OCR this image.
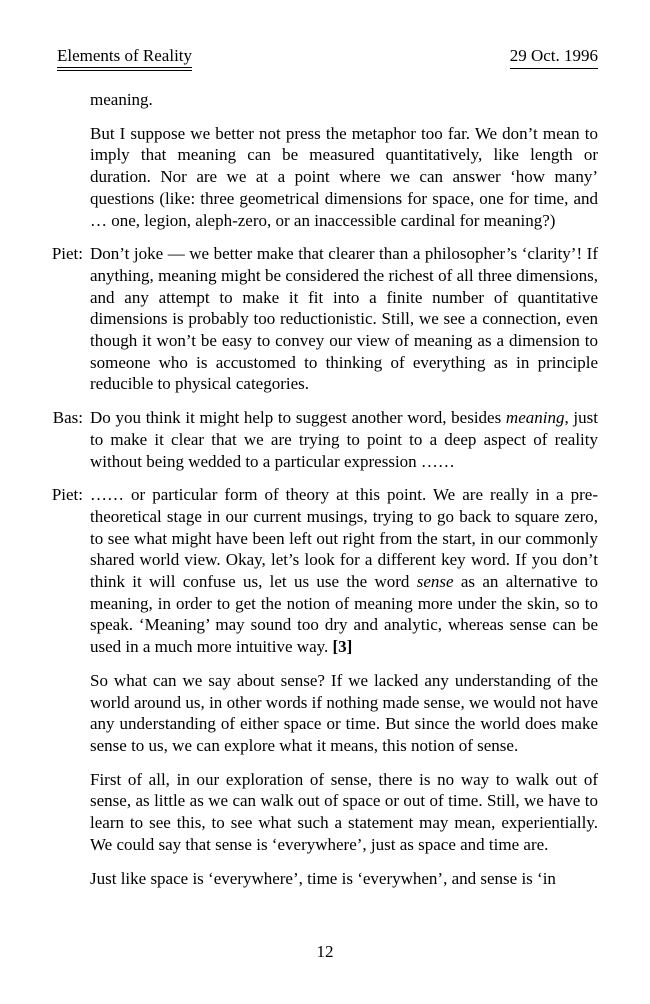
Elements of Reality	29 Oct. 1996
meaning.
But I suppose we better not press the metaphor too far. We don’t mean to imply that meaning can be measured quantitatively, like length or duration. Nor are we at a point where we can answer ‘how many’ questions (like: three geometrical dimensions for space, one for time, and … one, legion, aleph-zero, or an inaccessible cardinal for meaning?)
Piet: Don’t joke — we better make that clearer than a philosopher’s ‘clarity’! If anything, meaning might be considered the richest of all three dimensions, and any attempt to make it fit into a finite number of quantitative dimensions is probably too reductionistic. Still, we see a connection, even though it won’t be easy to convey our view of meaning as a dimension to someone who is accustomed to thinking of everything as in principle reducible to physical categories.
Bas: Do you think it might help to suggest another word, besides meaning, just to make it clear that we are trying to point to a deep aspect of reality without being wedded to a particular expression ……
Piet: …… or particular form of theory at this point. We are really in a pre-theoretical stage in our current musings, trying to go back to square zero, to see what might have been left out right from the start, in our commonly shared world view. Okay, let’s look for a different key word. If you don’t think it will confuse us, let us use the word sense as an alternative to meaning, in order to get the notion of meaning more under the skin, so to speak. ‘Meaning’ may sound too dry and analytic, whereas sense can be used in a much more intuitive way. [3]
So what can we say about sense? If we lacked any understanding of the world around us, in other words if nothing made sense, we would not have any understanding of either space or time. But since the world does make sense to us, we can explore what it means, this notion of sense.
First of all, in our exploration of sense, there is no way to walk out of sense, as little as we can walk out of space or out of time. Still, we have to learn to see this, to see what such a statement may mean, experientially. We could say that sense is ‘everywhere’, just as space and time are.
Just like space is ‘everywhere’, time is ‘everywhen’, and sense is ‘in
12
